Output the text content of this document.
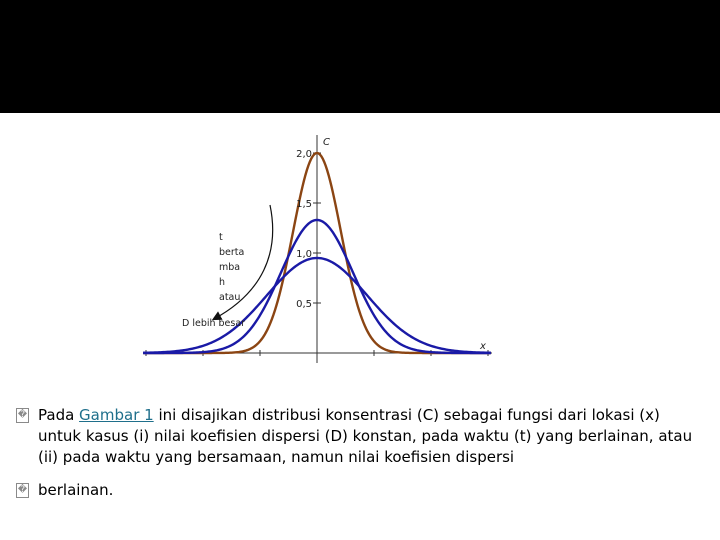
2,0
1,5
1,0
0,5
C
x
t
berta
mba
h
atau
D lebih besar
� Pada Gambar 1 ini disajikan distribusi konsentrasi (C) sebagai fungsi dari lokasi (x) untuk kasus (i) nilai koefisien dispersi (D) konstan, pada waktu (t) yang berlainan, atau (ii) pada waktu yang bersamaan, namun nilai koefisien dispersi
� berlainan.
